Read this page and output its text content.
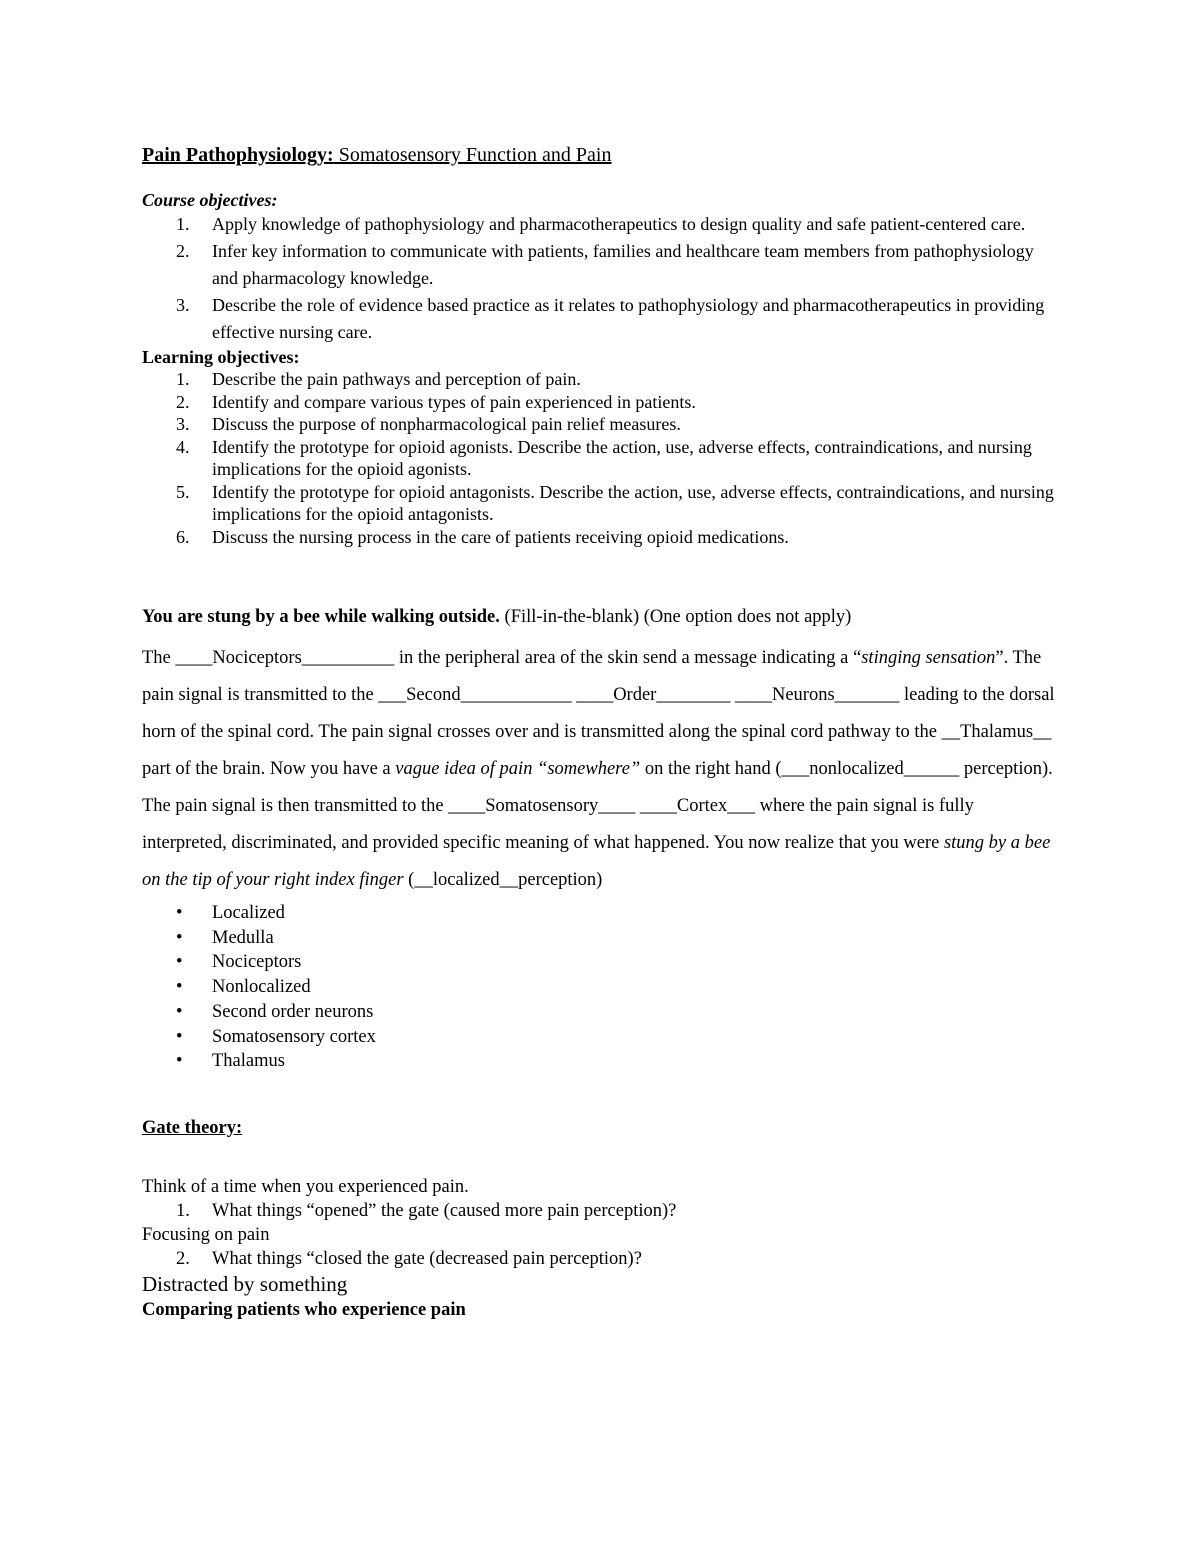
Pain Pathophysiology: Somatosensory Function and Pain

Course objectives:

1. Apply knowledge of pathophysiology and pharmacotherapeutics to design quality and safe patient-centered care.
2. Infer key information to communicate with patients, families and healthcare team members from pathophysiology and pharmacology knowledge.
3. Describe the role of evidence based practice as it relates to pathophysiology and pharmacotherapeutics in providing effective nursing care.

Learning objectives:

1. Describe the pain pathways and perception of pain.
2. Identify and compare various types of pain experienced in patients.
3. Discuss the purpose of nonpharmacological pain relief measures.
4. Identify the prototype for opioid agonists. Describe the action, use, adverse effects, contraindications, and nursing implications for the opioid agonists.
5. Identify the prototype for opioid antagonists. Describe the action, use, adverse effects, contraindications, and nursing implications for the opioid antagonists.
6. Discuss the nursing process in the care of patients receiving opioid medications.

You are stung by a bee while walking outside. (Fill-in-the-blank) (One option does not apply)

The ____Nociceptors__________ in the peripheral area of the skin send a message indicating a “stinging sensation”. The pain signal is transmitted to the ___Second____________ ____Order________ ____Neurons_______ leading to the dorsal horn of the spinal cord. The pain signal crosses over and is transmitted along the spinal cord pathway to the __Thalamus__ part of the brain. Now you have a vague idea of pain “somewhere” on the right hand (___nonlocalized______ perception). The pain signal is then transmitted to the ____Somatosensory____ ____Cortex___ where the pain signal is fully interpreted, discriminated, and provided specific meaning of what happened. You now realize that you were stung by a bee on the tip of your right index finger (__localized__perception)

• Localized
• Medulla
• Nociceptors
• Nonlocalized
• Second order neurons
• Somatosensory cortex
• Thalamus

Gate theory:

Think of a time when you experienced pain.

1. What things “opened” the gate (caused more pain perception)?

Focusing on pain

2. What things “closed the gate (decreased pain perception)?

Distracted by something

Comparing patients who experience pain
